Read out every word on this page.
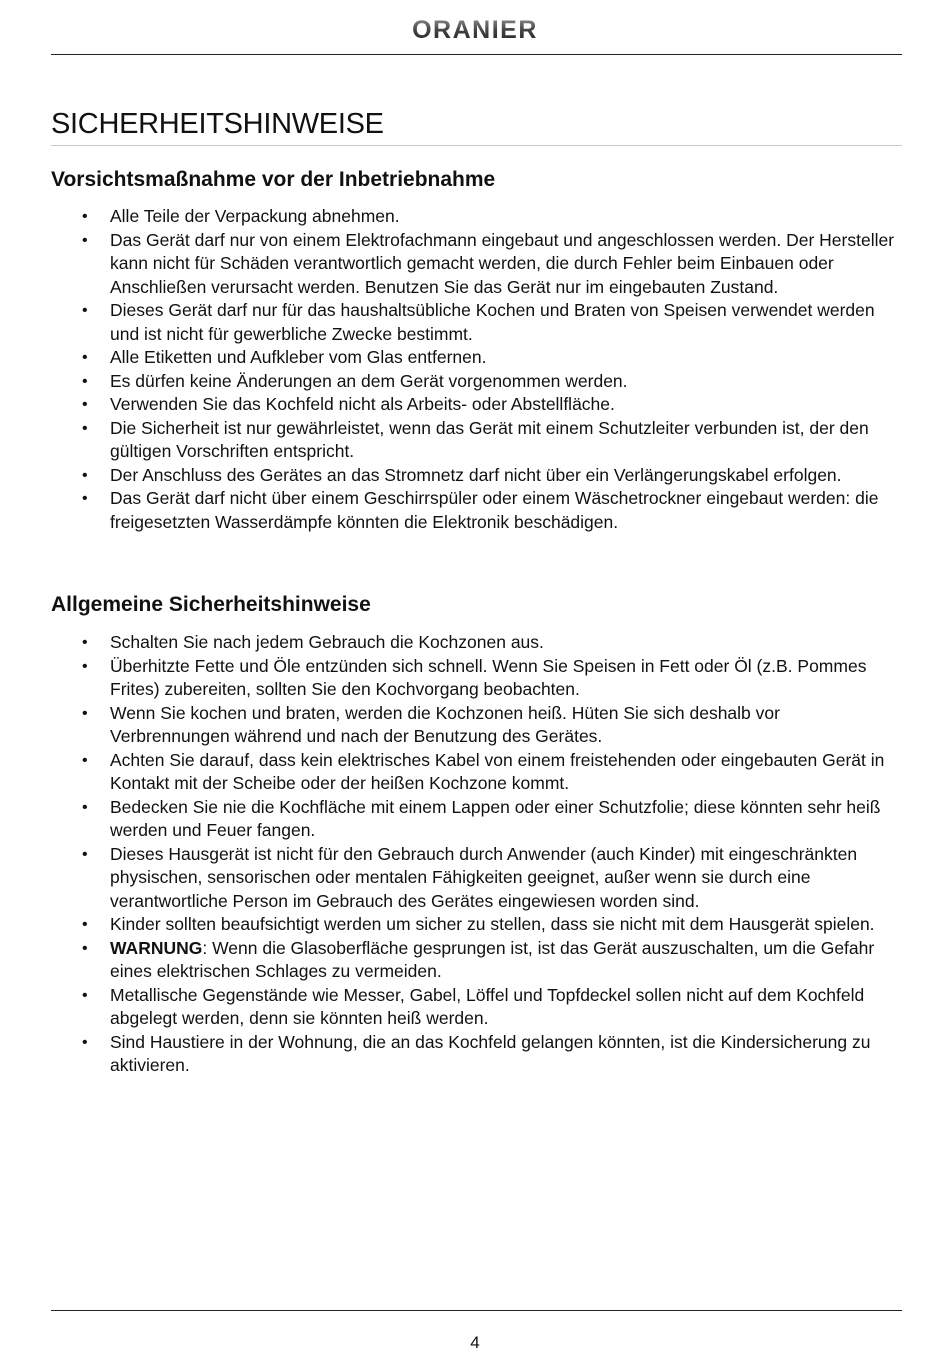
ORANIER
SICHERHEITSHINWEISE
Vorsichtsmaßnahme vor der Inbetriebnahme
• Alle Teile der Verpackung abnehmen.
• Das Gerät darf nur von einem Elektrofachmann eingebaut und angeschlossen werden. Der Hersteller kann nicht für Schäden verantwortlich gemacht werden, die durch Fehler beim Einbauen oder Anschließen verursacht werden. Benutzen Sie das Gerät nur im eingebauten Zustand.
• Dieses Gerät darf nur für das haushaltsübliche Kochen und Braten von Speisen verwendet werden und ist nicht für gewerbliche Zwecke bestimmt.
• Alle Etiketten und Aufkleber vom Glas entfernen.
• Es dürfen keine Änderungen an dem Gerät vorgenommen werden.
• Verwenden Sie das Kochfeld nicht als Arbeits- oder Abstellfläche.
• Die Sicherheit ist nur gewährleistet, wenn das Gerät mit einem Schutzleiter verbunden ist, der den gültigen Vorschriften entspricht.
• Der Anschluss des Gerätes an das Stromnetz darf nicht über ein Verlängerungskabel erfolgen.
• Das Gerät darf nicht über einem Geschirrspüler oder einem Wäschetrockner eingebaut werden: die freigesetzten Wasserdämpfe könnten die Elektronik beschädigen.
Allgemeine Sicherheitshinweise
• Schalten Sie nach jedem Gebrauch die Kochzonen aus.
• Überhitzte Fette und Öle entzünden sich schnell. Wenn Sie Speisen in Fett oder Öl (z.B. Pommes Frites) zubereiten, sollten Sie den Kochvorgang beobachten.
• Wenn Sie kochen und braten, werden die Kochzonen heiß. Hüten Sie sich deshalb vor Verbrennungen während und nach der Benutzung des Gerätes.
• Achten Sie darauf, dass kein elektrisches Kabel von einem freistehenden oder eingebauten Gerät in Kontakt mit der Scheibe oder der heißen Kochzone kommt.
• Bedecken Sie nie die Kochfläche mit einem Lappen oder einer Schutzfolie; diese könnten sehr heiß werden und Feuer fangen.
• Dieses Hausgerät ist nicht für den Gebrauch durch Anwender (auch Kinder) mit eingeschränkten physischen, sensorischen oder mentalen Fähigkeiten geeignet, außer wenn sie durch eine verantwortliche Person im Gebrauch des Gerätes eingewiesen worden sind.
• Kinder sollten beaufsichtigt werden um sicher zu stellen, dass sie nicht mit dem Hausgerät spielen.
• WARNUNG: Wenn die Glasoberfläche gesprungen ist, ist das Gerät auszuschalten, um die Gefahr eines elektrischen Schlages zu vermeiden.
• Metallische Gegenstände wie Messer, Gabel, Löffel und Topfdeckel sollen nicht auf dem Kochfeld abgelegt werden, denn sie könnten heiß werden.
• Sind Haustiere in der Wohnung, die an das Kochfeld gelangen könnten, ist die Kindersicherung zu aktivieren.
4
